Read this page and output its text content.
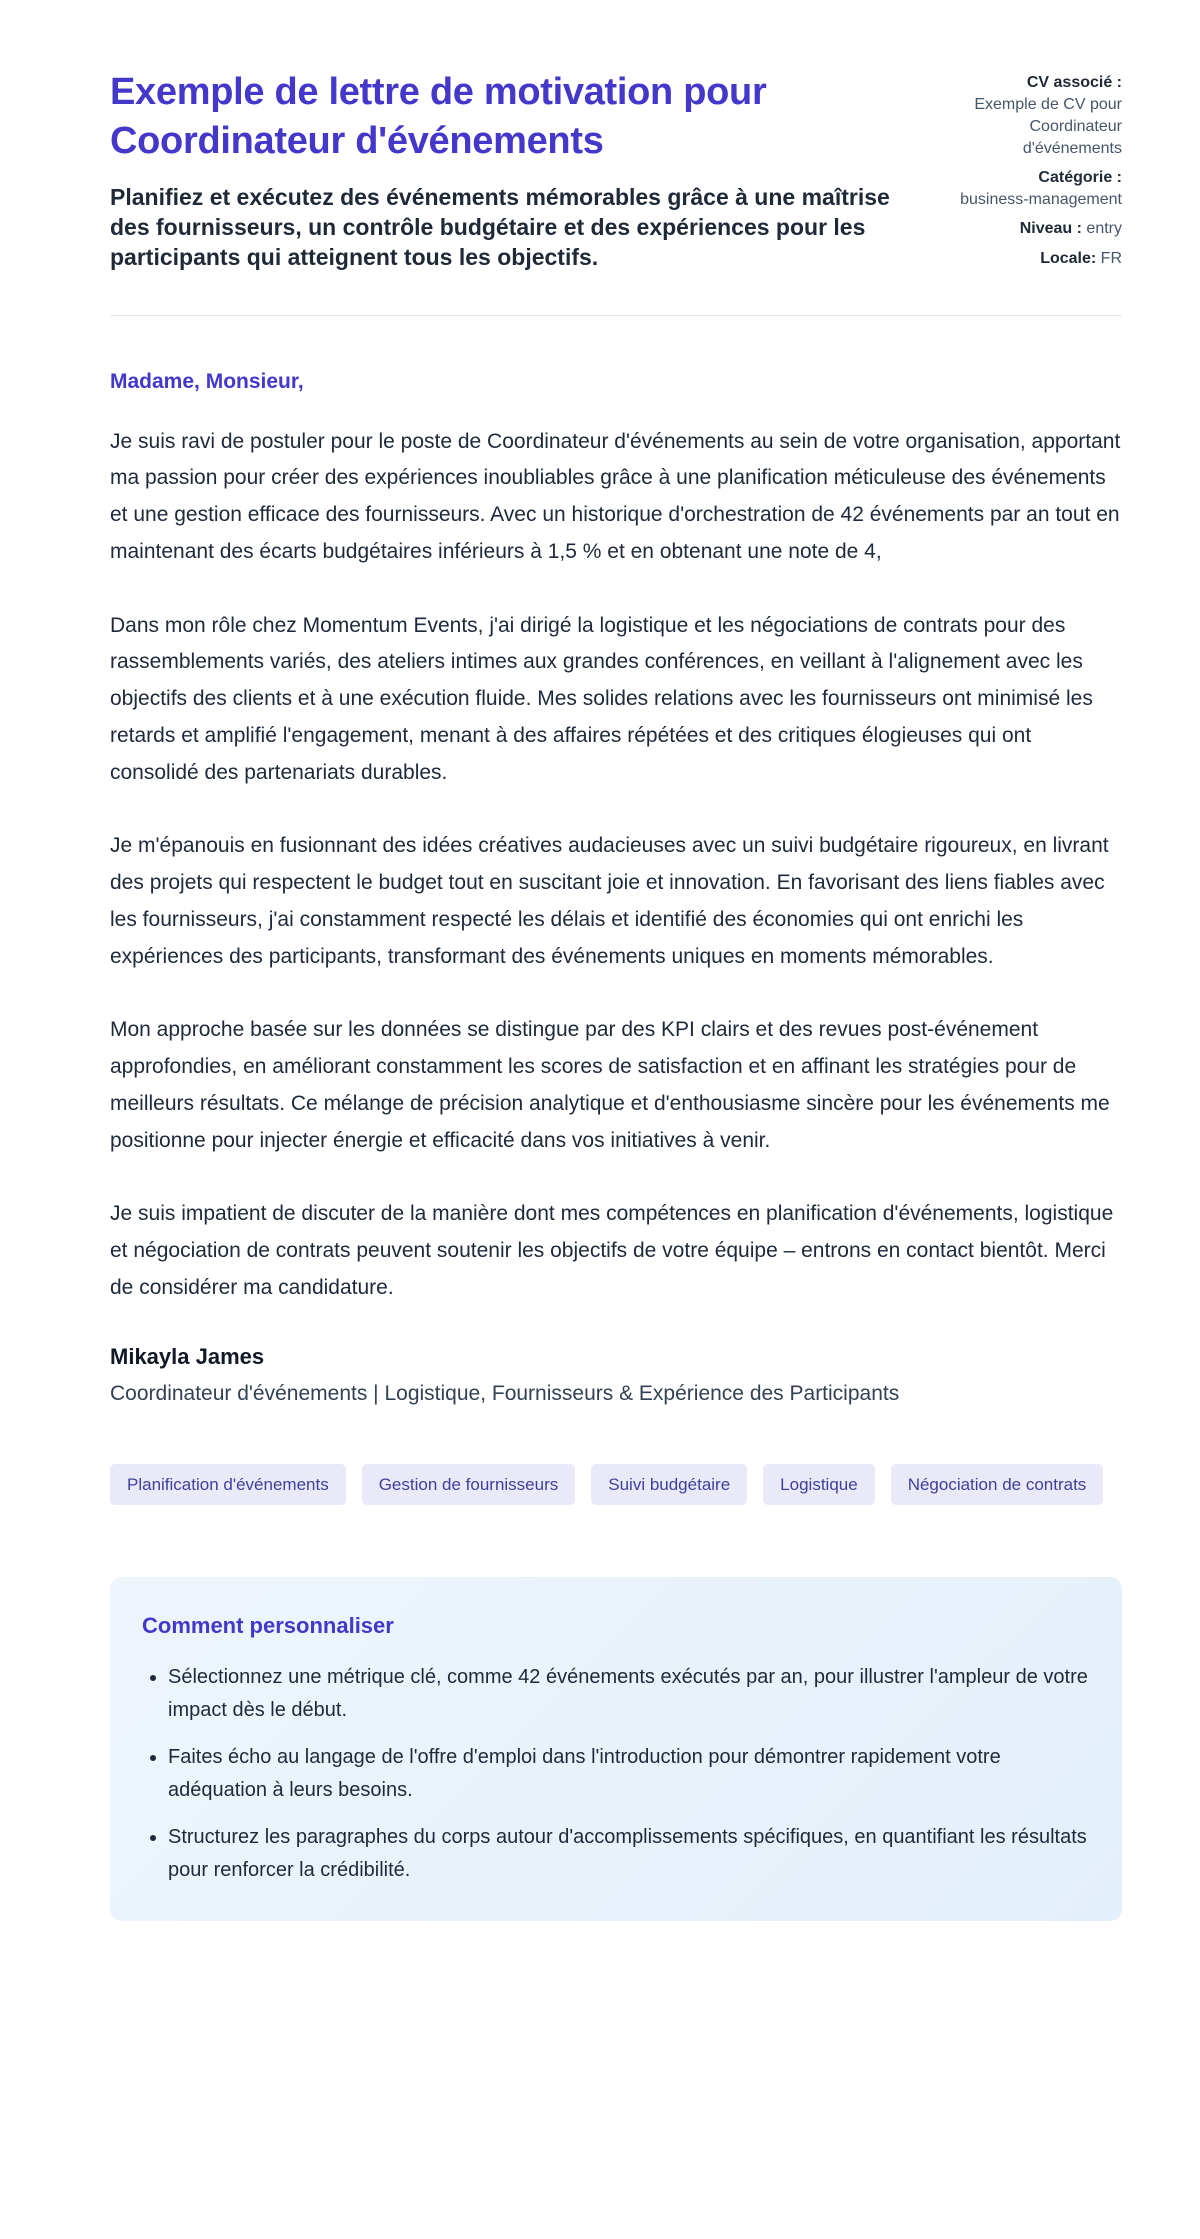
Exemple de lettre de motivation pour Coordinateur d'événements

Planifiez et exécutez des événements mémorables grâce à une maîtrise des fournisseurs, un contrôle budgétaire et des expériences pour les participants qui atteignent tous les objectifs.

CV associé :
Exemple de CV pour Coordinateur d'événements
Catégorie :
business-management
Niveau : entry
Locale: FR

Madame, Monsieur,

Je suis ravi de postuler pour le poste de Coordinateur d'événements au sein de votre organisation, apportant ma passion pour créer des expériences inoubliables grâce à une planification méticuleuse des événements et une gestion efficace des fournisseurs. Avec un historique d'orchestration de 42 événements par an tout en maintenant des écarts budgétaires inférieurs à 1,5 % et en obtenant une note de 4,

Dans mon rôle chez Momentum Events, j'ai dirigé la logistique et les négociations de contrats pour des rassemblements variés, des ateliers intimes aux grandes conférences, en veillant à l'alignement avec les objectifs des clients et à une exécution fluide. Mes solides relations avec les fournisseurs ont minimisé les retards et amplifié l'engagement, menant à des affaires répétées et des critiques élogieuses qui ont consolidé des partenariats durables.

Je m'épanouis en fusionnant des idées créatives audacieuses avec un suivi budgétaire rigoureux, en livrant des projets qui respectent le budget tout en suscitant joie et innovation. En favorisant des liens fiables avec les fournisseurs, j'ai constamment respecté les délais et identifié des économies qui ont enrichi les expériences des participants, transformant des événements uniques en moments mémorables.

Mon approche basée sur les données se distingue par des KPI clairs et des revues post-événement approfondies, en améliorant constamment les scores de satisfaction et en affinant les stratégies pour de meilleurs résultats. Ce mélange de précision analytique et d'enthousiasme sincère pour les événements me positionne pour injecter énergie et efficacité dans vos initiatives à venir.

Je suis impatient de discuter de la manière dont mes compétences en planification d'événements, logistique et négociation de contrats peuvent soutenir les objectifs de votre équipe – entrons en contact bientôt. Merci de considérer ma candidature.

Mikayla James

Coordinateur d'événements | Logistique, Fournisseurs & Expérience des Participants

Planification d'événements	Gestion de fournisseurs	Suivi budgétaire	Logistique	Négociation de contrats
Comment personnaliser
• Sélectionnez une métrique clé, comme 42 événements exécutés par an, pour illustrer l'ampleur de votre impact dès le début.
• Faites écho au langage de l'offre d'emploi dans l'introduction pour démontrer rapidement votre adéquation à leurs besoins.
• Structurez les paragraphes du corps autour d'accomplissements spécifiques, en quantifiant les résultats pour renforcer la crédibilité.
